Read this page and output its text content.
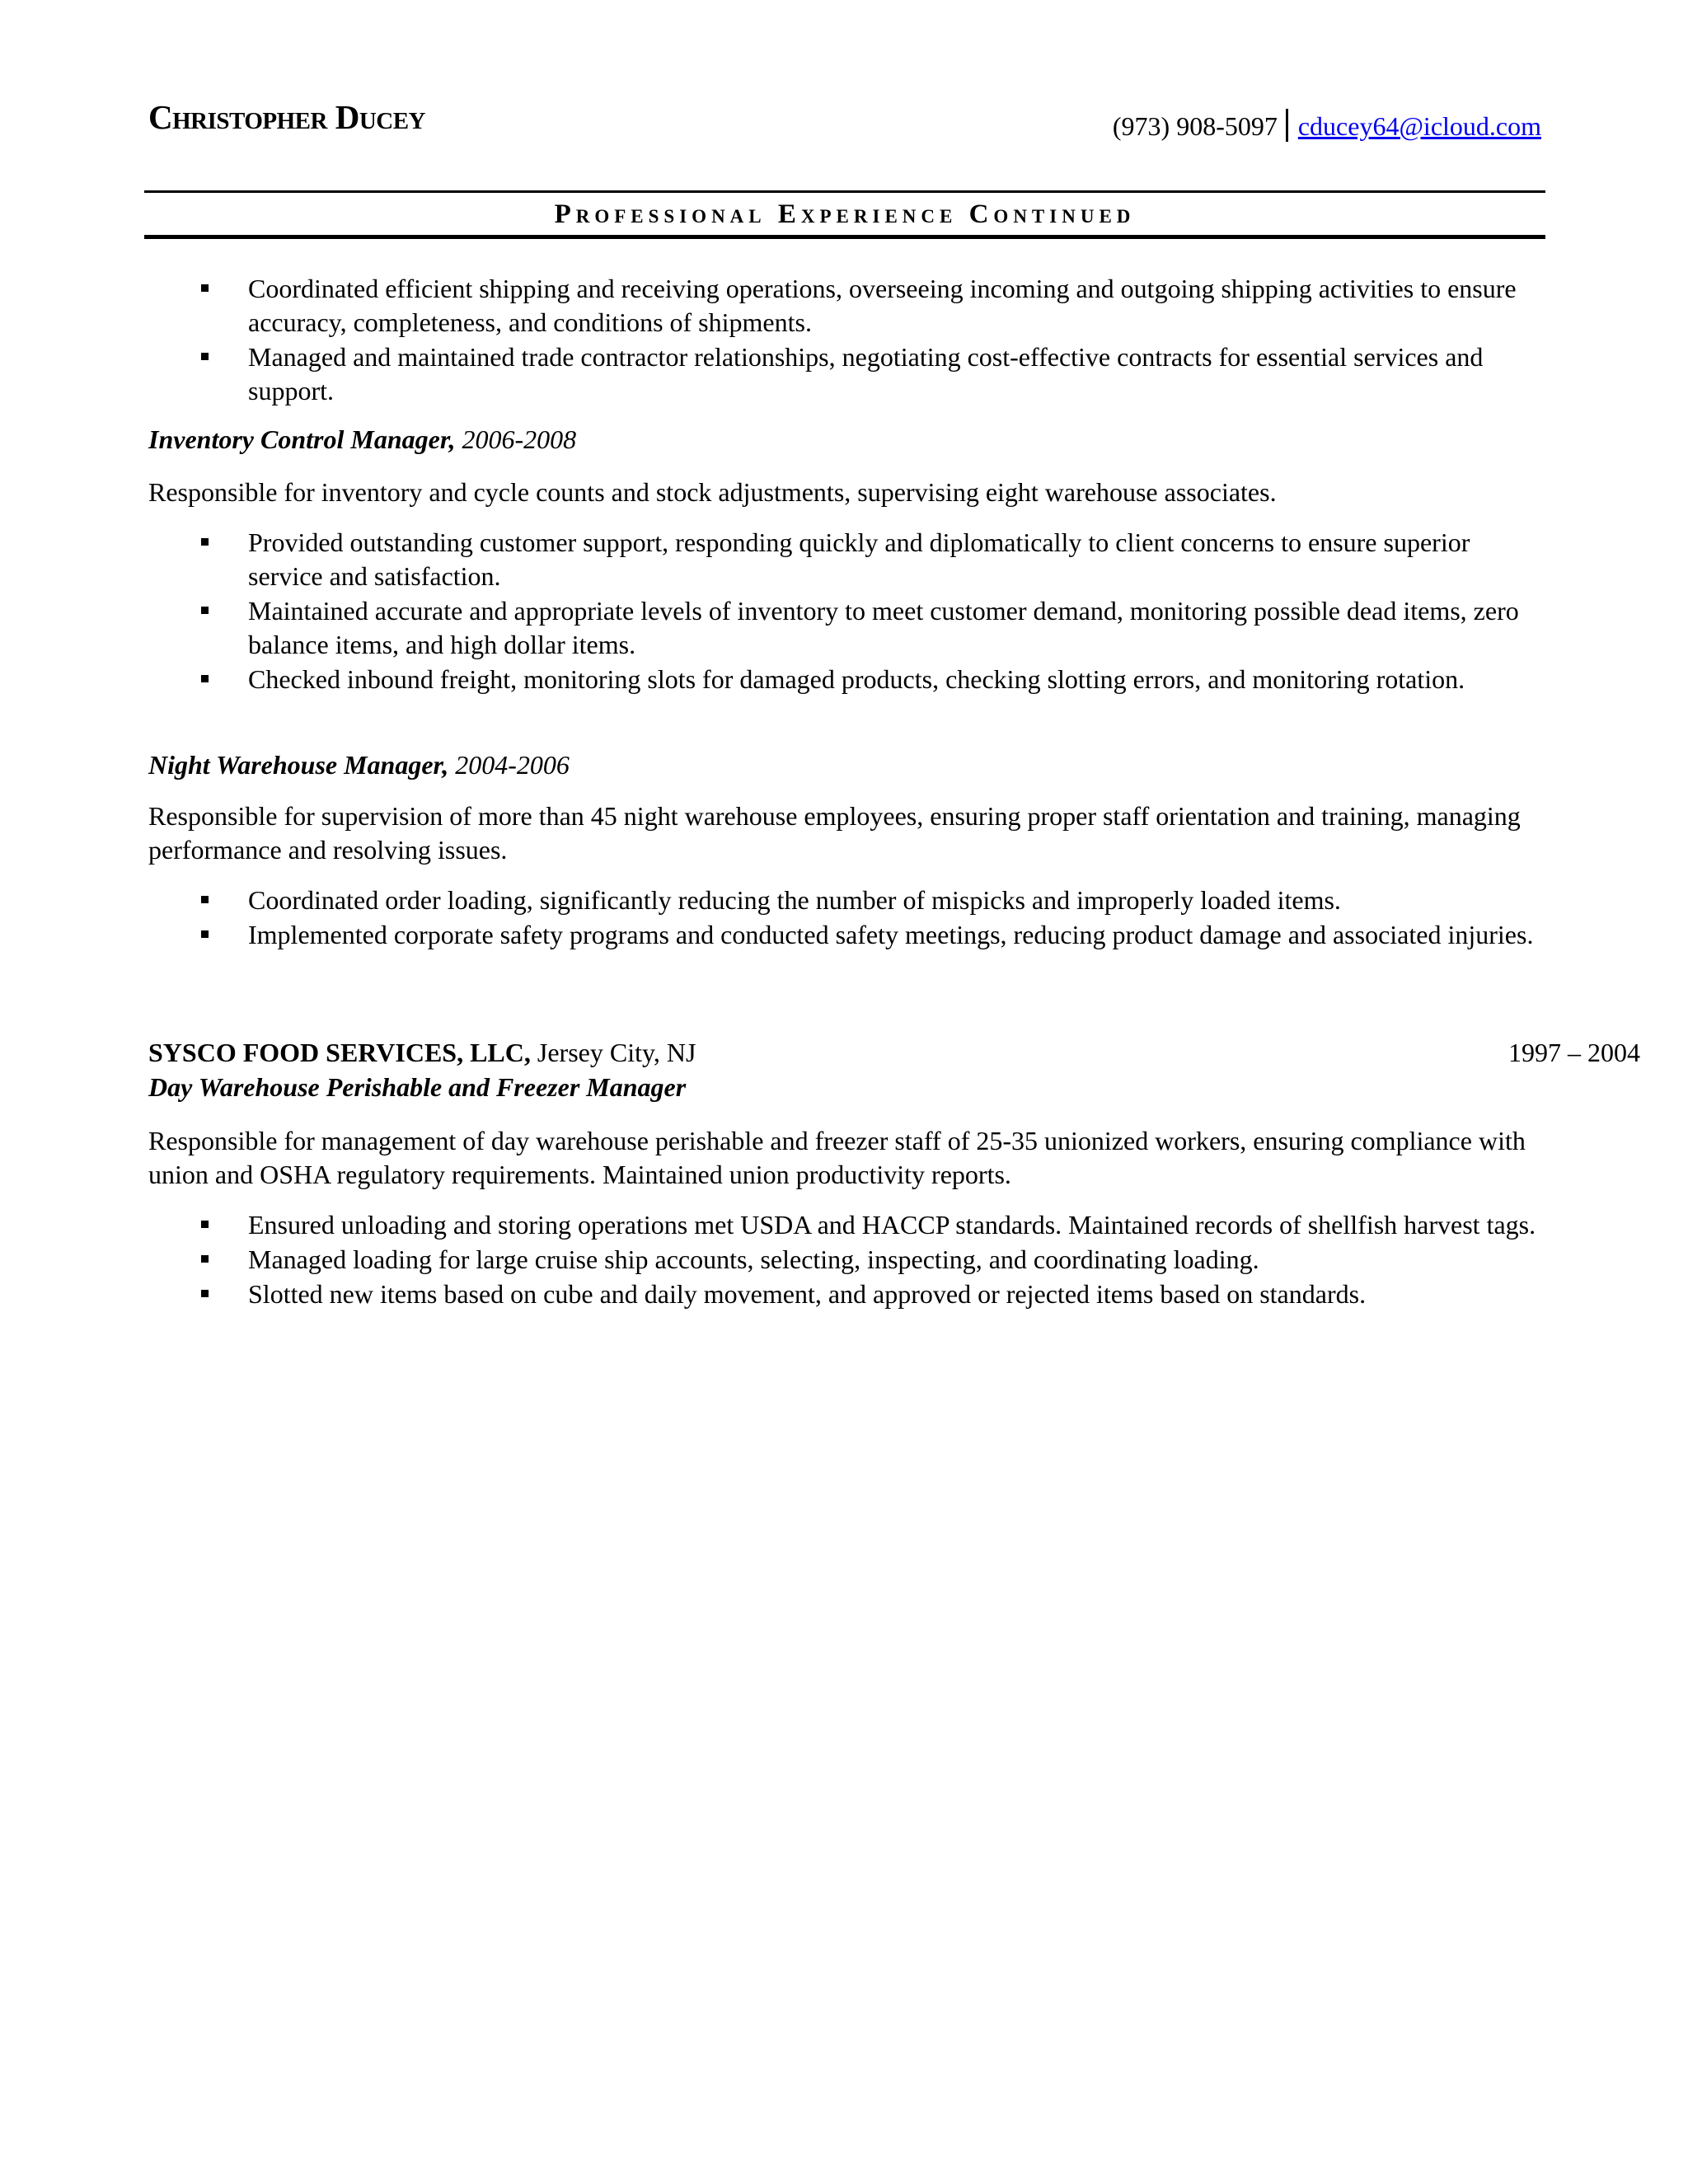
Christopher Ducey	(973) 908-5097 cducey64@icloud.com
Professional Experience Continued
Coordinated efficient shipping and receiving operations, overseeing incoming and outgoing shipping activities to ensure accuracy, completeness, and conditions of shipments.
Managed and maintained trade contractor relationships, negotiating cost-effective contracts for essential services and support.
Inventory Control Manager, 2006-2008
Responsible for inventory and cycle counts and stock adjustments, supervising eight warehouse associates.
Provided outstanding customer support, responding quickly and diplomatically to client concerns to ensure superior service and satisfaction.
Maintained accurate and appropriate levels of inventory to meet customer demand, monitoring possible dead items, zero balance items, and high dollar items.
Checked inbound freight, monitoring slots for damaged products, checking slotting errors, and monitoring rotation.
Night Warehouse Manager, 2004-2006
Responsible for supervision of more than 45 night warehouse employees, ensuring proper staff orientation and training, managing performance and resolving issues.
Coordinated order loading, significantly reducing the number of mispicks and improperly loaded items.
Implemented corporate safety programs and conducted safety meetings, reducing product damage and associated injuries.
SYSCO FOOD SERVICES, LLC, Jersey City, NJ	1997 – 2004
Day Warehouse Perishable and Freezer Manager
Responsible for management of day warehouse perishable and freezer staff of 25-35 unionized workers, ensuring compliance with union and OSHA regulatory requirements. Maintained union productivity reports.
Ensured unloading and storing operations met USDA and HACCP standards. Maintained records of shellfish harvest tags.
Managed loading for large cruise ship accounts, selecting, inspecting, and coordinating loading.
Slotted new items based on cube and daily movement, and approved or rejected items based on standards.
